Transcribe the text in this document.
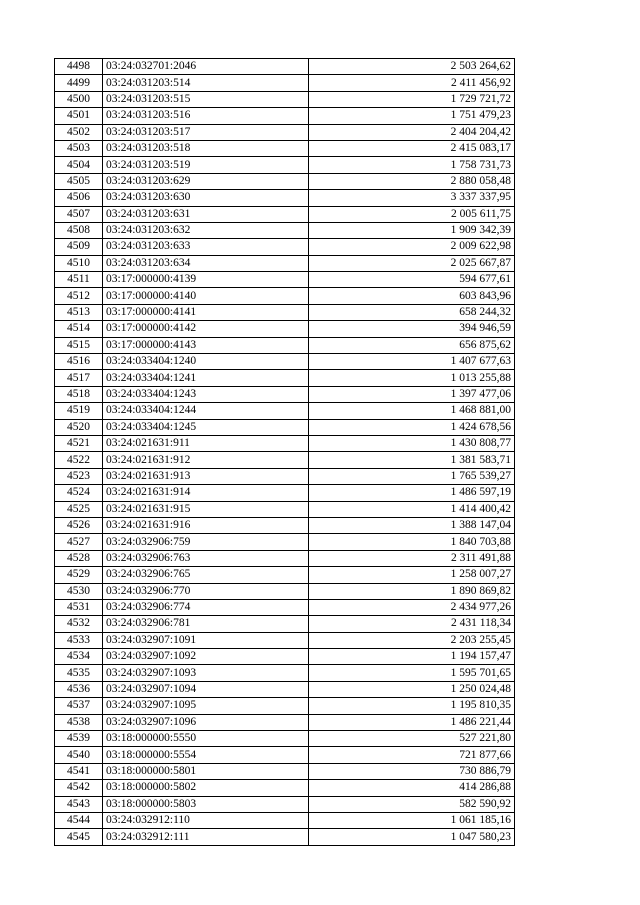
4498	03:24:032701:2046	2 503 264,62
4499	03:24:031203:514	2 411 456,92
4500	03:24:031203:515	1 729 721,72
4501	03:24:031203:516	1 751 479,23
4502	03:24:031203:517	2 404 204,42
4503	03:24:031203:518	2 415 083,17
4504	03:24:031203:519	1 758 731,73
4505	03:24:031203:629	2 880 058,48
4506	03:24:031203:630	3 337 337,95
4507	03:24:031203:631	2 005 611,75
4508	03:24:031203:632	1 909 342,39
4509	03:24:031203:633	2 009 622,98
4510	03:24:031203:634	2 025 667,87
4511	03:17:000000:4139	594 677,61
4512	03:17:000000:4140	603 843,96
4513	03:17:000000:4141	658 244,32
4514	03:17:000000:4142	394 946,59
4515	03:17:000000:4143	656 875,62
4516	03:24:033404:1240	1 407 677,63
4517	03:24:033404:1241	1 013 255,88
4518	03:24:033404:1243	1 397 477,06
4519	03:24:033404:1244	1 468 881,00
4520	03:24:033404:1245	1 424 678,56
4521	03:24:021631:911	1 430 808,77
4522	03:24:021631:912	1 381 583,71
4523	03:24:021631:913	1 765 539,27
4524	03:24:021631:914	1 486 597,19
4525	03:24:021631:915	1 414 400,42
4526	03:24:021631:916	1 388 147,04
4527	03:24:032906:759	1 840 703,88
4528	03:24:032906:763	2 311 491,88
4529	03:24:032906:765	1 258 007,27
4530	03:24:032906:770	1 890 869,82
4531	03:24:032906:774	2 434 977,26
4532	03:24:032906:781	2 431 118,34
4533	03:24:032907:1091	2 203 255,45
4534	03:24:032907:1092	1 194 157,47
4535	03:24:032907:1093	1 595 701,65
4536	03:24:032907:1094	1 250 024,48
4537	03:24:032907:1095	1 195 810,35
4538	03:24:032907:1096	1 486 221,44
4539	03:18:000000:5550	527 221,80
4540	03:18:000000:5554	721 877,66
4541	03:18:000000:5801	730 886,79
4542	03:18:000000:5802	414 286,88
4543	03:18:000000:5803	582 590,92
4544	03:24:032912:110	1 061 185,16
4545	03:24:032912:111	1 047 580,23
